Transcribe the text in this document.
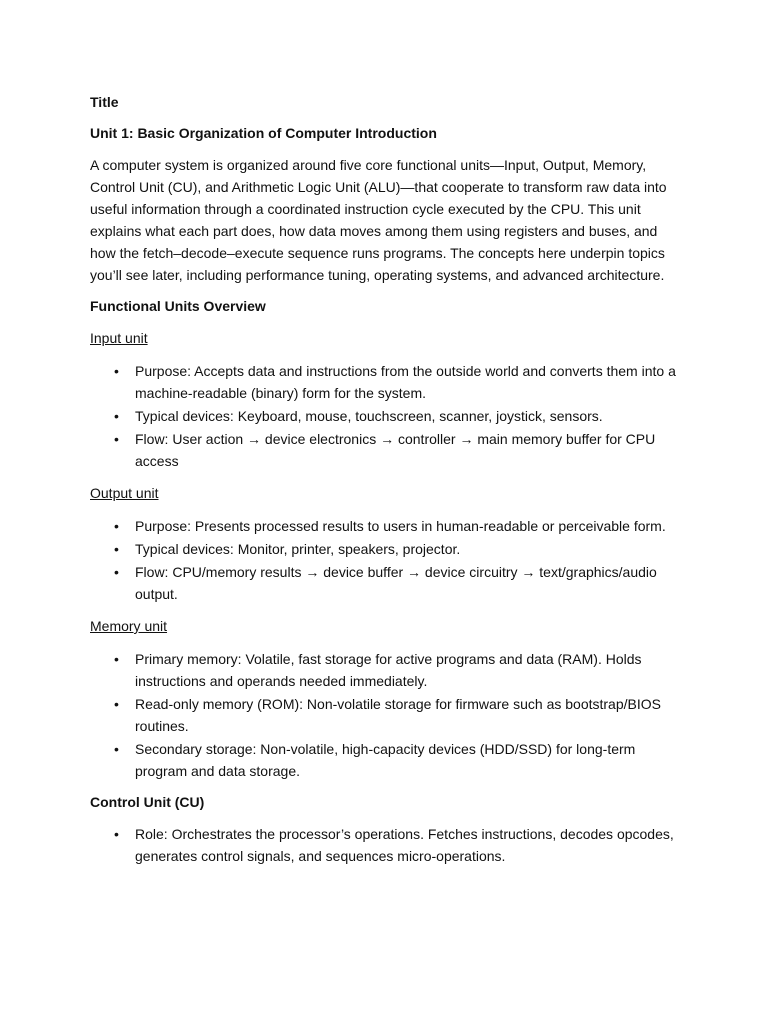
Title

Unit 1: Basic Organization of Computer Introduction

A computer system is organized around five core functional units—Input, Output, Memory, Control Unit (CU), and Arithmetic Logic Unit (ALU)—that cooperate to transform raw data into useful information through a coordinated instruction cycle executed by the CPU. This unit explains what each part does, how data moves among them using registers and buses, and how the fetch–decode–execute sequence runs programs. The concepts here underpin topics you’ll see later, including performance tuning, operating systems, and advanced architecture.

Functional Units Overview

Input unit

• Purpose: Accepts data and instructions from the outside world and converts them into a machine-readable (binary) form for the system.
• Typical devices: Keyboard, mouse, touchscreen, scanner, joystick, sensors.
• Flow: User action → device electronics → controller → main memory buffer for CPU access

Output unit

• Purpose: Presents processed results to users in human-readable or perceivable form.
• Typical devices: Monitor, printer, speakers, projector.
• Flow: CPU/memory results → device buffer → device circuitry → text/graphics/audio output.

Memory unit

• Primary memory: Volatile, fast storage for active programs and data (RAM). Holds instructions and operands needed immediately.
• Read-only memory (ROM): Non-volatile storage for firmware such as bootstrap/BIOS routines.
• Secondary storage: Non-volatile, high-capacity devices (HDD/SSD) for long-term program and data storage.

Control Unit (CU)

• Role: Orchestrates the processor’s operations. Fetches instructions, decodes opcodes, generates control signals, and sequences micro-operations.
